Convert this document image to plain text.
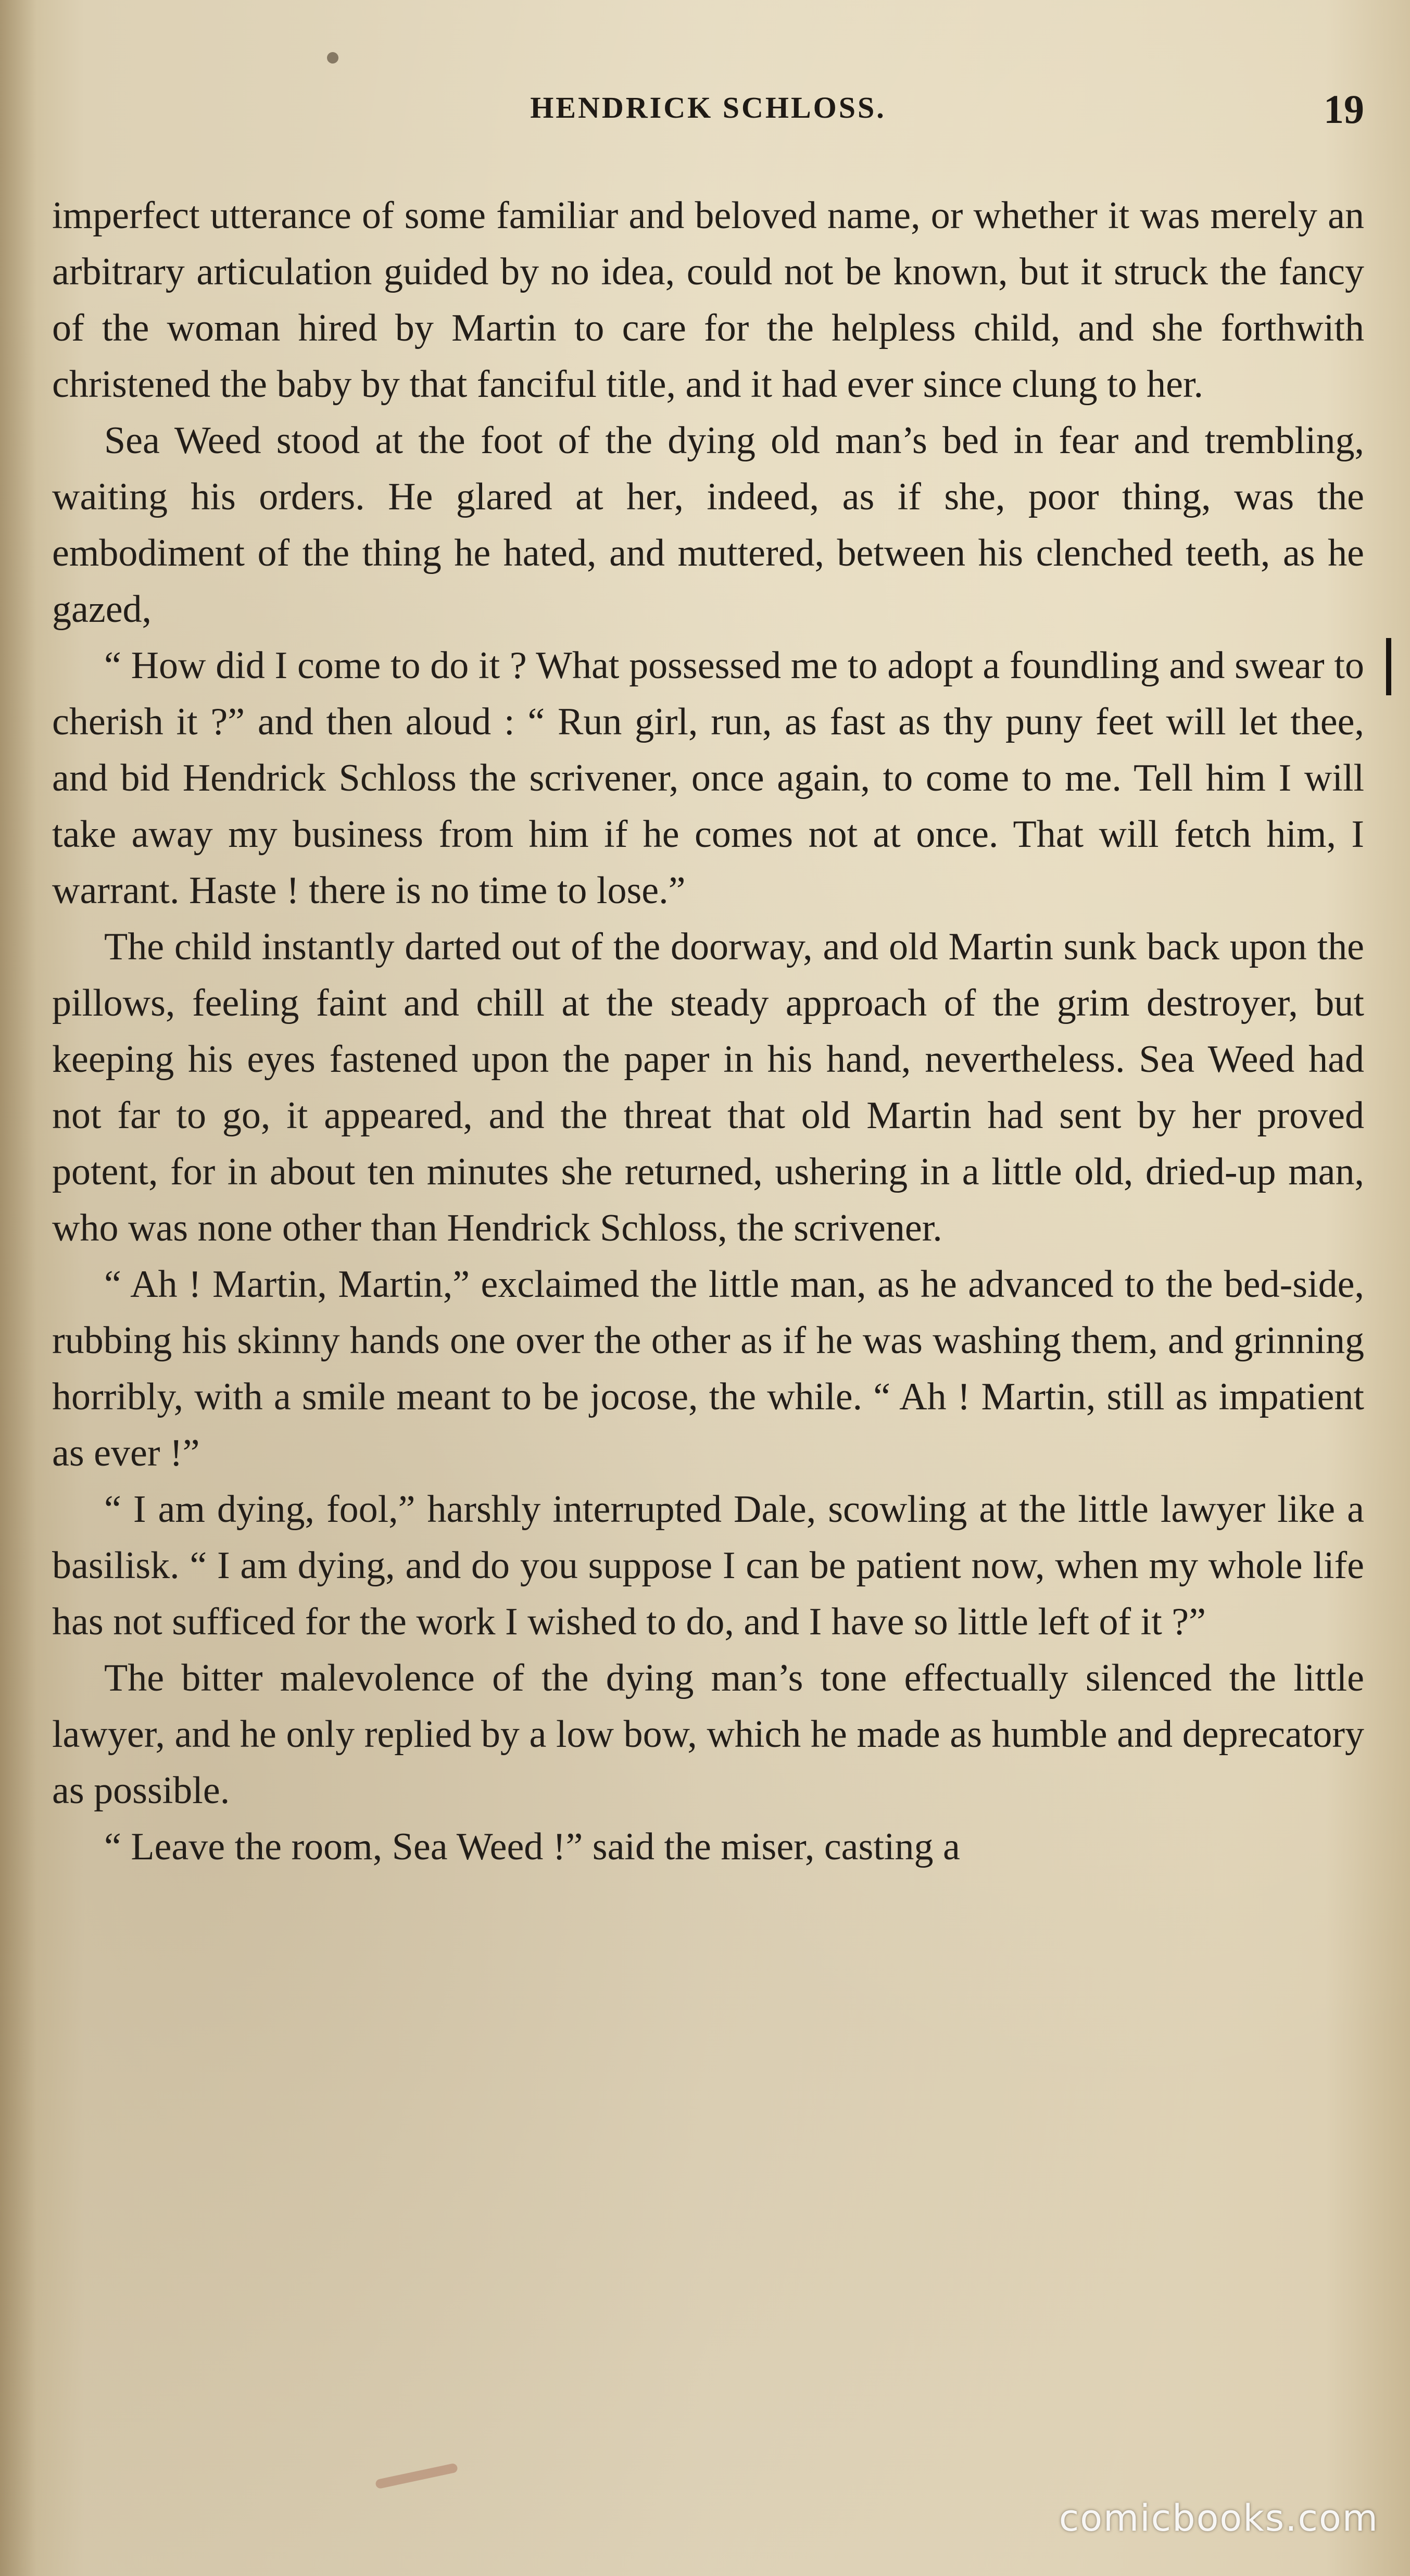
HENDRICK SCHLOSS.	19

imperfect utterance of some familiar and beloved name, or whether it was merely an arbitrary articulation guided by no idea, could not be known, but it struck the fancy of the woman hired by Martin to care for the helpless child, and she forthwith christened the baby by that fanciful title, and it had ever since clung to her.

Sea Weed stood at the foot of the dying old man’s bed in fear and trembling, waiting his orders. He glared at her, indeed, as if she, poor thing, was the embodiment of the thing he hated, and muttered, between his clenched teeth, as he gazed,

“ How did I come to do it ? What possessed me to adopt a foundling and swear to cherish it ?” and then aloud : “ Run girl, run, as fast as thy puny feet will let thee, and bid Hendrick Schloss the scrivener, once again, to come to me. Tell him I will take away my business from him if he comes not at once. That will fetch him, I warrant. Haste ! there is no time to lose.”

The child instantly darted out of the doorway, and old Martin sunk back upon the pillows, feeling faint and chill at the steady approach of the grim destroyer, but keeping his eyes fastened upon the paper in his hand, nevertheless. Sea Weed had not far to go, it appeared, and the threat that old Martin had sent by her proved potent, for in about ten minutes she returned, ushering in a little old, dried-up man, who was none other than Hendrick Schloss, the scrivener.

“ Ah ! Martin, Martin,” exclaimed the little man, as he advanced to the bed-side, rubbing his skinny hands one over the other as if he was washing them, and grinning horribly, with a smile meant to be jocose, the while. “ Ah ! Martin, still as impatient as ever !”

“ I am dying, fool,” harshly interrupted Dale, scowling at the little lawyer like a basilisk. “ I am dying, and do you suppose I can be patient now, when my whole life has not sufficed for the work I wished to do, and I have so little left of it ?”

The bitter malevolence of the dying man’s tone effectually silenced the little lawyer, and he only replied by a low bow, which he made as humble and deprecatory as possible.

“ Leave the room, Sea Weed !” said the miser, casting a

comicbooks.com
